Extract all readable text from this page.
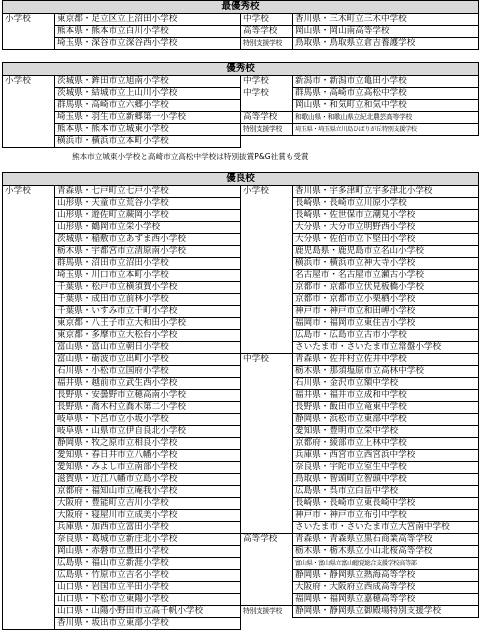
最優秀校			
小学校	東京都・足立区立上沼田小学校	中学校	香川県・三木町立三木中学校
	熊本県・熊本市立白川小学校	高等学校	岡山県・岡山南高等学校
	埼玉県・深谷市立深谷西小学校	特別支援学校	鳥取県・鳥取県立倉吉養護学校
優秀校			
小学校	茨城県・鉾田市立旭南小学校	中学校	新潟市・新潟市立亀田小学校
	茨城県・結城市立上山川小学校	中学校	群馬県・高崎市立高松中学校
	群馬県・高崎市立六郷小学校		岡山県・和気町立和気中学校
	埼玉県・羽生市立新郷第一小学校	高等学校	和歌山県・和歌山県立紀北農芸高等学校
	熊本県・熊本市立城東小学校	特別支援学校	埼玉県・埼玉県立川島ひばりが丘特別支援学校
	横浜市・横浜市立本町小学校		
熊本市立城東小学校と高崎市立高松中学校は特別抜賞P&G社賞も受賞
優良校			
小学校	青森県・七戸町立七戸小学校	小学校	香川県・宇多津町立宇多津北小学校
	山形県・天童市立荒谷小学校		長崎県・長崎市立川原小学校
	山形県・遊佐町立蕨岡小学校		長崎県・佐世保市立潮見小学校
	山形県・鶴岡市立栄小学校		大分県・大分市立明野西小学校
	茨城県・稲敷市立あずま西小学校		大分県・佐伯市立下堅田小学校
	栃木県・宇都宮市立清原南小学校		鹿児島県・鹿児島市立名山小学校
	群馬県・沼田市立沼田小学校		横浜市・横浜市立神大寺小学校
	埼玉県・川口市立本町小学校		名古屋市・名古屋市立瀬古小学校
	千葉県・松戸市立横須賀小学校		京都市・京都市立伏見板橋小学校
	千葉県・成田市立前林小学校		京都市・京都市立小栗栖小学校
	千葉県・いすみ市立千町小学校		神戸市・神戸市立和田岬小学校
	東京都・八王子市立大和田小学校		福岡市・福岡市立東住吉小学校
	東京都・多摩市立大松台小学校		広島市・広島市立古市小学校
	富山県・富山市立朝日小学校		さいたま市・さいたま市立常盤小学校
	富山県・砺波市立出町小学校	中学校	青森県・佐井村立佐井中学校
	石川県・小松市立国府小学校		栃木県・那須塩原市立高林中学校
	福井県・越前市立武生西小学校		石川県・金沢市立額中学校
	長野県・安曇野市立穂高南小学校		福井県・福井市立成和中学校
	長野県・喬木村立喬木第二小学校		長野県・飯田市立竜東中学校
	岐阜県・下呂市立小坂小学校		静岡県・浜松市立東部中学校
	岐阜県・山県市立伊自良北小学校		愛知県・豊明市立栄中学校
	静岡県・牧之原市立相良小学校		京都府・綾部市立上林中学校
	愛知県・春日井市立八幡小学校		兵庫県・西宮市立西宮浜中学校
	愛知県・みよし市立南部小学校		奈良県・宇陀市立室生中学校
	滋賀県・近江八幡市立島小学校		鳥取県・智頭町立智頭中学校
	京都府・福知山市立庵我小学校		広島県・呉市立白岳中学校
	大阪府・豊能町立吉川小学校		長崎県・長崎市立東長崎中学校
	大阪府・寝屋川市立成美小学校		神戸市・神戸市立布引中学校
	兵庫県・加西市立富田小学校		さいたま市・さいたま市立大宮南中学校
	奈良県・葛城市立新庄北小学校	高等学校	青森県・青森県立黒石商業高等学校
	岡山県・赤磐市立豊田小学校		栃木県・栃木県立小山北桜高等学校
	広島県・福山市立新涯小学校		富山県・富山県立富山聴覚総合支援学校高等部
	広島県・竹原市立吉名小学校		静岡県・静岡県立熱海高等学校
	山口県・岩国市立平田小学校		大阪府・大阪府立西成高等学校
	山口県・下松市立東陽小学校		福岡県・福岡県立嘉穂高等学校
	山口県・山陽小野田市立高千帆小学校	特別支援学校	静岡県・静岡県立御殿場特別支援学校
	香川県・坂出市立東部小学校		
